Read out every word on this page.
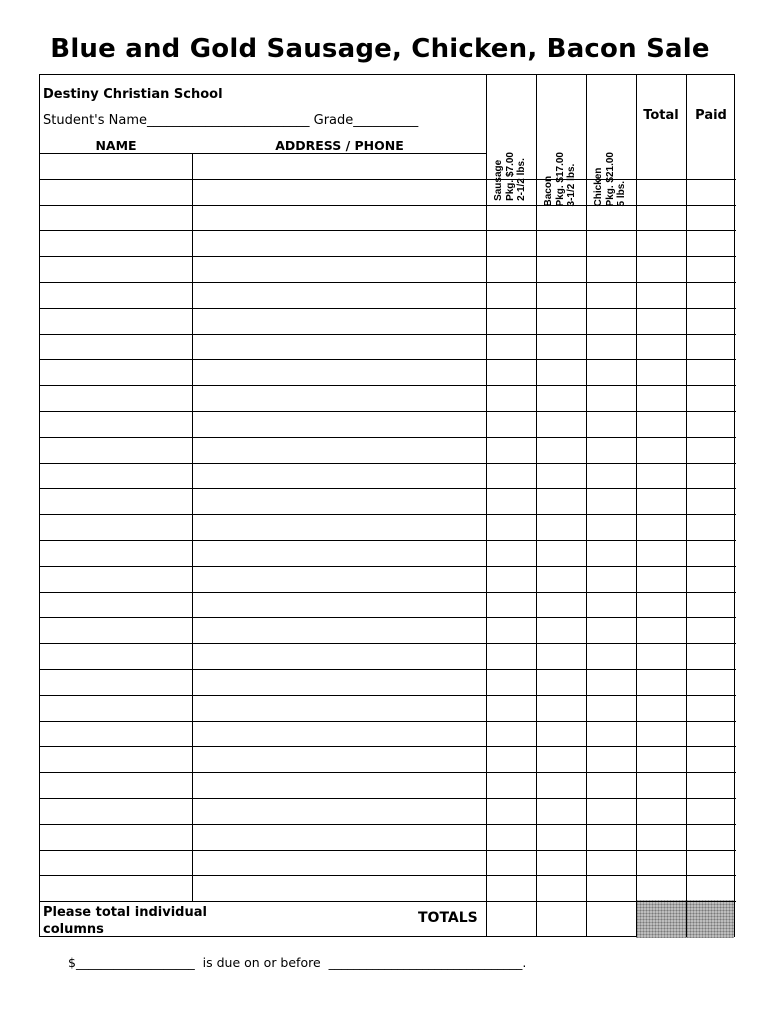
Blue and Gold Sausage, Chicken, Bacon Sale
Destiny Christian School
Student's Name_________________________ Grade__________
NAME	ADDRESS / PHONE
Sausage Pkg. $7.00 2-1/2 lbs. Bacon Pkg. $17.00 3-1/2 lbs. Chicken Pkg. $21.00 5 lbs.
Total	Paid
Please total individual columns
TOTALS
$___________________  is due on or before  _______________________________.
